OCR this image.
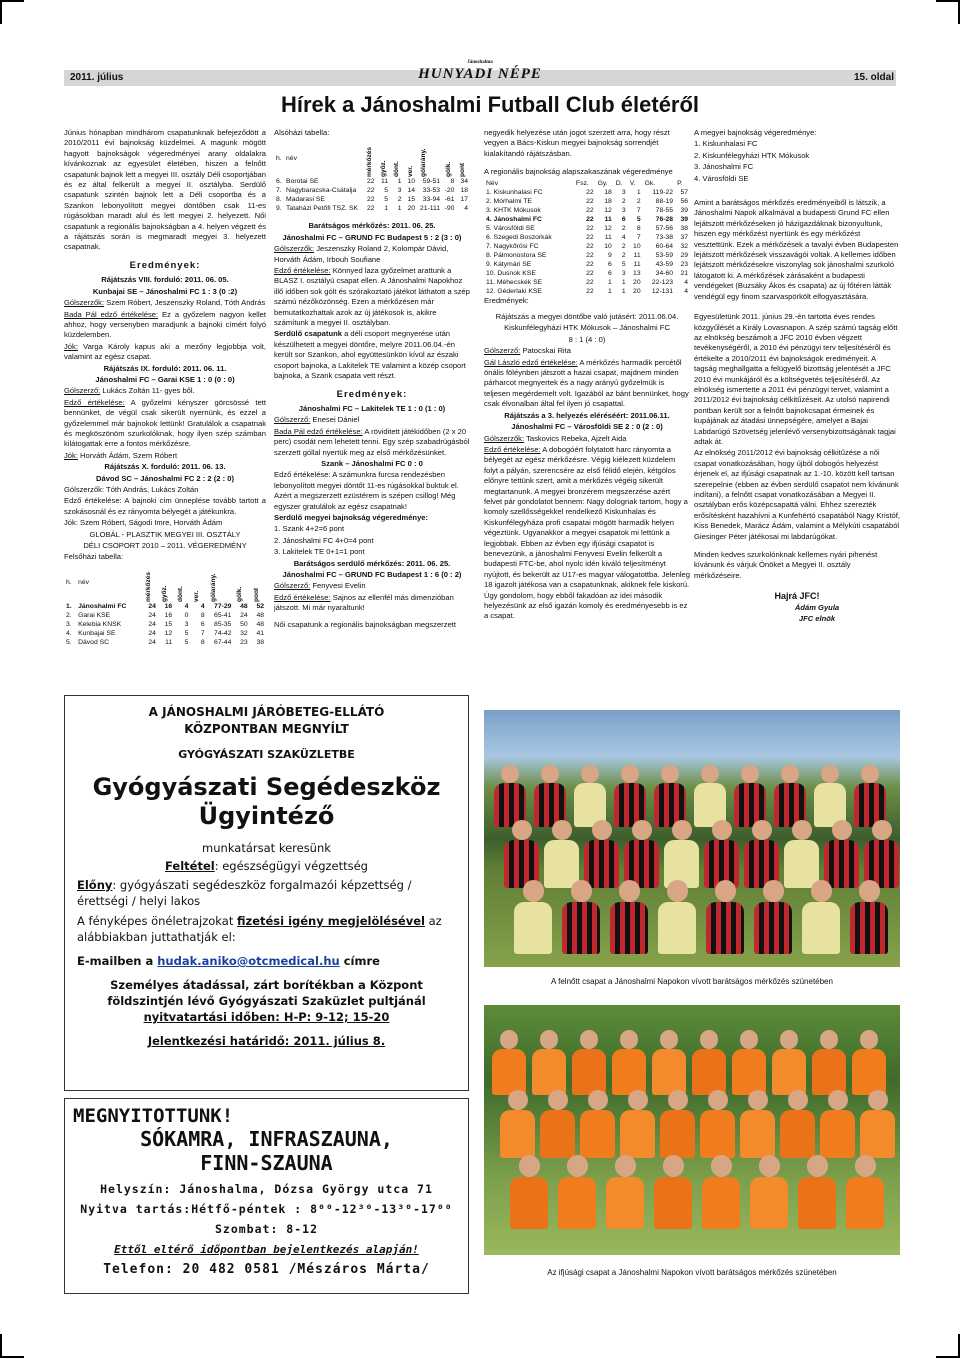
2011. július	15. oldal
Jánoshalma
HUNYADI NÉPE
Hírek a Jánoshalmi Futball Club életéről

Június hónapban mindhárom csapatunknak befejeződött a 2010/2011 évi bajnokság küzdelmei. A magunk mögött hagyott bajnokságok végeredményei arany oldalakra kívánkoznak az egyesület életében, hiszen a felnőtt csapatunk bajnok lett a megyei III. osztály Déli csoportjában és ez által felkerült a megyei II. osztályba. Serdülő csapatunk szintén bajnok lett a Déli csoportba és a Szankon lebonyolított megyei döntőben csak 11-es rúgásokban maradt alul és lett megyei 2. helyezett. Női csapatunk a regionális bajnokságban a 4. helyen végzett és a rájátszás során is megmaradt megyei 3. helyezett csapatnak.

Eredmények:

Rájátszás VIII. forduló: 2011. 06. 05.

Kunbajai SE – Jánoshalmi FC 1 : 3 (0 :2)

Gólszerzők: Szem Róbert, Jeszenszky Roland, Tóth András

Bada Pál edző értékelése: Ez a győzelem nagyon kellet ahhoz, hogy versenyben maradjunk a bajnoki címért folyó küzdelemben.

Jók: Varga Károly kapus aki a mezőny legjobbja volt, valamint az egész csapat.

Rájátszás IX. forduló: 2011. 06. 11.

Jánoshalmi FC – Garai KSE 1 : 0 (0 : 0)

Gólszerző: Lukács Zoltán 11- gyes ből.

Edző értékelése: A győzelmi kényszer görcsössé tett bennünket, de végül csak sikerült nyernünk, és ezzel a győzelemmel már bajnokok lettünk! Gratulálok a csapatnak és megköszönöm szurkolóknak, hogy ilyen szép számban kilátogattak erre a fontos mérkőzésre.

Jók: Horváth Ádám, Szem Róbert

Rájátszás X. forduló: 2011. 06. 13.

Dávod SC – Jánoshalmi FC 2 : 2 (2 : 0)

Gólszerzők: Tóth András, Lukács Zoltán

Edző értékelése: A bajnoki cím ünneplése tovább tartott a szokásosnál és ez rányomta bélyegét a játékunkra.

Jók: Szem Róbert, Ságodi Imre, Horváth Ádám

GLOBÁL - PLASZTIK MEGYEI III. OSZTÁLY

DÉLI CSOPORT 2010 – 2011. VÉGEREDMÉNY

Felsőházi tabella:

h.	név	mérkőzés	győz.	dönt.	ver.	gólarány.	gólk.	pont

1.	Jánoshalmi FC	24	16	4	4	77-29	48	52
2.	Garai KSE	24	16	0	8	65-41	24	48
3.	Kelebia KNSK	24	15	3	6	85-35	50	48
4.	Kunbajai SE	24	12	5	7	74-42	32	41
5.	Dávod SC	24	11	5	8	67-44	23	38

Alsóházi tabella:

h.	név	mérkőzés	győz.	dönt.	ver.	gólarány.	gólk.	pont

6.	Borotai SE	22	11	1	10	59-51	8	34
7.	Nagybaracska-Csátalja	22	5	3	14	33-53	-20	18
8.	Madarasi SE	22	5	2	15	33-94	-61	17
9.	Tataházi Petőfi TSZ. SK	22	1	1	20	21-111	-90	4

Barátságos mérkőzés: 2011. 06. 25.

Jánoshalmi FC – GRUND FC Budapest 5 : 2 (3 : 0)

Gólszerzők: Jeszenszky Roland 2, Kolompár Dávid, Horváth Ádám, Irbouh Soufiane

Edző értékelése: Könnyed laza győzelmet arattunk a BLASZ I. osztályú csapat ellen. A Jánoshalmi Napokhoz illő időben sok gólt és szórakoztató játékot láthatott a szép számú nézőközönség. Ezen a mérkőzésen már bemutatkozhattak azok az új játékosok is, akikre számítunk a megyei II. osztályban.

Serdülő csapatunk a déli csoport megnyerése után készülhetett a megyei döntőre, melyre 2011.06.04.-én került sor Szankon, ahol együttesünkön kívül az északi csoport bajnoka, a Lakitelek TE valamint a közép csoport bajnoka, a Szank csapata vett részt.

Eredmények:

Jánoshalmi FC – Lakitelek TE 1 : 0 (1 : 0)

Gólszerző: Enesei Dániel

Bada Pál edző értékelése: A röviditett játékidőben (2 x 20 perc) csodát nem lehetett tenni. Egy szép szabadrúgásból szerzett góllal nyertük meg az első mérkőzésünket.

Szank – Jánoshalmi FC 0 : 0

Edző értékelése: A számunkra furcsa rendezésben lebonyolított megyei döntőt 11-es rúgásokkal buktuk el. Azért a megszerzett ezüstérem is szépen csillog! Még egyszer gratulálok az egész csapatnak!

Serdülő megyei bajnokság végeredménye:

1. Szank 4+2=6 pont

2. Jánoshalmi FC 4+0=4 pont

3. Lakitelek TE 0+1=1 pont

Barátságos serdülő mérkőzés: 2011. 06. 25.

Jánoshalmi FC – GRUND FC Budapest 1 : 6 (0 : 2)

Gólszerző: Fenyvesi Evelin

Edző értékelése: Sajnos az ellenfél más dimenzióban játszott. Mi már nyaraltunk!

Női csapatunk a regionális bajnokságban megszerzett

negyedik helyezése után jogot szerzett arra, hogy részt vegyen a Bács-Kiskun megyei bajnokság sorrendjét kialakítandó rájátszásban.

A regionális bajnokság alapszakaszának végeredménye

Név	Fsz.	Gy.	D.	V.	Gk.	P.
1. Kiskunhalasi FC	22	18	3	1	119-22	57
2. Mórhalmi TE	22	18	2	2	88-19	56
3. KHTK Mókusok	22	12	3	7	78-55	39
4. Jánoshalmi FC	22	11	6	5	76-28	39
5. Városföldi SE	22	12	2	8	57-56	38
6. Szegedi Boszorkák	22	11	4	7	73-38	37
7. Nagykőrösi FC	22	10	2	10	60-64	32
8. Pálmonostora SE	22	9	2	11	53-59	29
9. Kátymári SE	22	6	5	11	43-59	23
10. Dusnok KSE	22	6	3	13	34-60	21
11. Méhecskék SE	22	1	1	20	22-123	4
12. Géderlaki KSE	22	1	1	20	12-131	4

Eredmények:

Rájátszás a megyei döntőbe való jutásért: 2011.06.04.

Kiskunfélegyházi HTK Mókusok – Jánoshalmi FC

8 : 1 (4 : 0)

Gólszerző: Patocskai Rita

Gál László edző értékelése: A mérkőzés harmadik percétől önális föléynben játszott a hazai csapat, majdnem minden párharcot megnyertek és a nagy arányú győzelmük is teljesen megérdemelt volt. Igazából az bánt bennünket, hogy csak élvonalban által fel ilyen jó csapattal.

Rájátszás a 3. helyezés eléréséért: 2011.06.11.

Jánoshalmi FC – Városföldi SE 2 : 0 (2 : 0)

Gólszerzők: Taskovics Rebeka, Ajzelt Aida

Edző értékelése: A dobogóért folytatott harc rányomta a bélyegét az egész mérkőzésre. Végig kiélezett küzdelem folyt a pályán, szerencsére az első félidő elején, kétgólos előnyre tettünk szert, amit a mérkőzés végéig sikerült megtartanunk. A megyei bronzérem megszerzése azért felvet pár gondolatot bennem: Nagy dolognak tartom, hogy a komoly szellősségekkel rendelkező Kiskunhalas és Kiskunfélegyháza profi csapatai mögött harmadik helyen végeztünk. Ugyanakkor a megyei csapatok mi lettünk a legjobbak. Ebben az évben egy ifjúsági csapatot is benevezünk, a jánoshalmi Fenyvesi Evelin felkerült a budapesti FTC-be, ahol nyolc idén kiváló teljesítményt nyújtott, és bekerült az U17-es magyar válogatottba. Jelenleg 18 igazolt játékosa van a csapatunknak, akiknek fele kiskorú. Úgy gondolom, hogy ebből fakadóan az idei második helyezésünk az első igazán komoly és eredményesebb is ez a csapat.

A megyei bajnokság végeredménye:

1. Kiskunhalasi FC

2. Kiskunfélegyházi HTK Mókusok

3. Jánoshalmi FC

4. Városföldi SE

Amint a barátságos mérkőzés eredményeiből is látszik, a Jánoshalmi Napok alkalmával a budapesti Grund FC ellen lejátszott mérkőzéseken jó házigazdáknak bizonyultunk, hiszen egy mérkőzést nyertünk és egy mérkőzést vesztettünk. Ezek a mérkőzések a tavalyi évben Budapesten lejátszott mérkőzések visszavágói voltak. A kellemes időben lejátszott mérkőzésekre viszonylag sok jánoshalmi szurkoló látogatott ki. A mérkőzések zárásaként a budapesti vendégeket (Buzsáky Ákos és csapata) az új főtéren látták vendégül egy finom szarvaspörkölt elfogyasztására.

Egyesületünk 2011. június 29.-én tartotta éves rendes közgyűlését a Király Lovasnapon. A szép számú tagság előtt az elnökség beszámolt a JFC 2010 évben végzett tevékenységéről, a 2010 évi pénzügyi terv teljesítéséről és értékelte a 2010/2011 évi bajnokságok eredményeit. A tagság meghallgatta a felügyelő bizottság jelentését a JFC 2010 évi munkájáról és a költségvetés teljesítéséről. Az elnökség ismertette a 2011 évi pénzügyi tervet, valamint a 2011/2012 évi bajnokság célkitűzéseit. Az utolsó napirendi pontban került sor a felnőtt bajnokcsapat érmeinek és kupájának az átadási ünnepségére, amelyet a Bajai Labdarúgó Szövetség jelenlévő versenybizottságának tagjai adtak át.

Az elnökség 2011/2012 évi bajnokság célkitűzése a női csapat vonatkozásában, hogy újból dobogós helyezést érjenek el, az ifjúsági csapatnak az 1.-10. között kell tartsan szerepelnie (ebben az évben serdülő csapatot nem kívánunk indítani), a felnőtt csapat vonatkozásában a Megyei II. osztályban erős középcsapattá válni. Ehhez szerezték erősítésként hazahívni a Kunfehértó csapatából Nagy Kristóf, Kiss Benedek, Marácz Ádám, valamint a Mélykúti csapatából Giesinger Péter játékosai mi labdarúgókat.

Minden kedves szurkolónknak kellemes nyári pihenést kívánunk és várjuk Önöket a Megyei II. osztály mérkőzéseire.

Hajrá JFC!

Ádám Gyula

JFC elnök

A JÁNOSHALMI JÁRÓBETEG-ELLÁTÓ
KÖZPONTBAN MEGNYÍLT
GYÓGYÁSZATI SZAKÜZLETBE
Gyógyászati Segédeszköz
Ügyintéző
munkatársat keresünk
Feltétel: egészségügyi végzettség
Előny: gyógyászati segédeszköz forgalmazói képzettség / érettségi / helyi lakos
A fényképes önéletrajzokat fizetési igény megjelölésével az alábbiakban juttathatják el:
E-mailben a hudak.aniko@otcmedical.hu címre
Személyes átadással, zárt borítékban a Központ földszintjén lévő Gyógyászati Szaküzlet pultjánál
nyitvatartási időben: H-P: 9-12; 15-20
Jelentkezési határidő: 2011. július 8.
MEGNYITOTTUNK!
SÓKAMRA, INFRASZAUNA,
FINN-SZAUNA
Helyszín: Jánoshalma, Dózsa György utca 71
Nyitva tartás:Hétfő-péntek : 8⁰⁰-12³⁰-13³⁰-17⁰⁰
Szombat: 8-12
Ettől eltérő időpontban bejelentkezés alapján!
Telefon: 20 482 0581 /Mészáros Márta/
A felnőtt csapat a Jánoshalmi Napokon vívott barátságos mérkőzés szünetében
Az ifjúsági csapat a Jánoshalmi Napokon vívott barátságos mérkőzés szünetében
